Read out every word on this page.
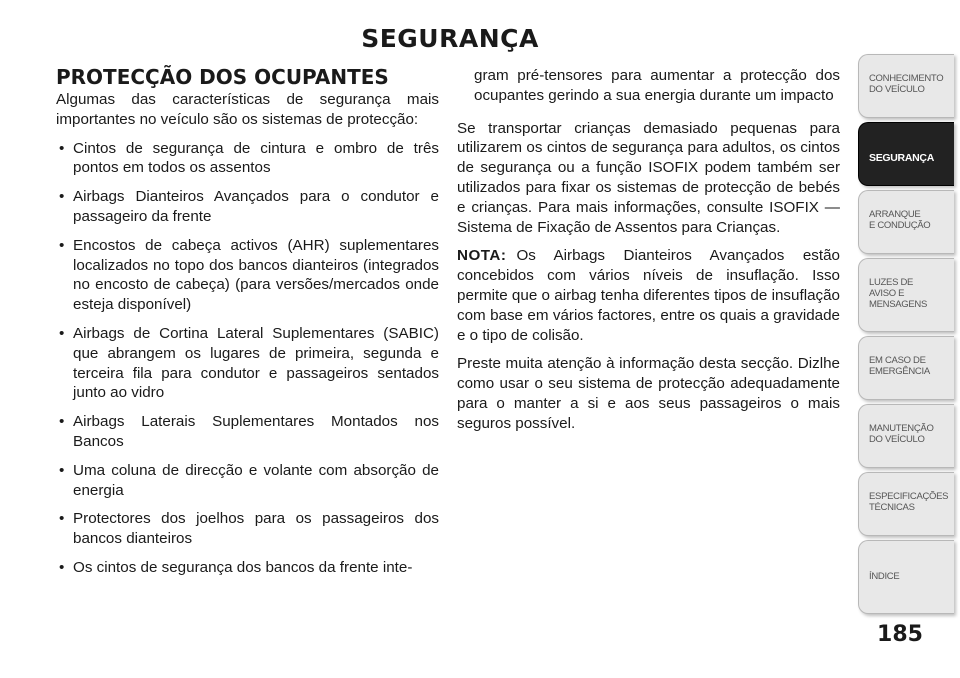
SEGURANÇA
PROTECÇÃO DOS OCUPANTES

Algumas das características de segurança mais importantes no veículo são os sistemas de protecção:

• Cintos de segurança de cintura e ombro de três pontos em todos os assentos
• Airbags Dianteiros Avançados para o condutor e passageiro da frente
• Encostos de cabeça activos (AHR) suplementares localizados no topo dos bancos dianteiros (integrados no encosto de cabeça) (para versões/mercados onde esteja disponível)
• Airbags de Cortina Lateral Suplementares (SABIC) que abrangem os lugares de primeira, segunda e terceira fila para condutor e passageiros sentados junto ao vidro
• Airbags Laterais Suplementares Montados nos Bancos
• Uma coluna de direcção e volante com absorção de energia
• Protectores dos joelhos para os passageiros dos bancos dianteiros
• Os cintos de segurança dos bancos da frente inte-
gram pré-tensores para aumentar a protecção dos ocupantes gerindo a sua energia durante um impacto

Se transportar crianças demasiado pequenas para utilizarem os cintos de segurança para adultos, os cintos de segurança ou a função ISOFIX podem também ser utilizados para fixar os sistemas de protecção de bebés e crianças. Para mais informações, consulte ISOFIX — Sistema de Fixação de Assentos para Crianças.

NOTA: Os Airbags Dianteiros Avançados estão concebidos com vários níveis de insuflação. Isso permite que o airbag tenha diferentes tipos de insuflação com base em vários factores, entre os quais a gravidade e o tipo de colisão.

Preste muita atenção à informação desta secção. Dizlhe como usar o seu sistema de protecção adequadamente para o manter a si e aos seus passageiros o mais seguros possível.

CONHECIMENTO
DO VEÍCULO
SEGURANÇA
ARRANQUE
E CONDUÇÃO
LUZES DE
AVISO E
MENSAGENS
EM CASO DE
EMERGÊNCIA
MANUTENÇÃO
DO VEÍCULO
ESPECIFICAÇÕES
TÉCNICAS
ÍNDICE
185
